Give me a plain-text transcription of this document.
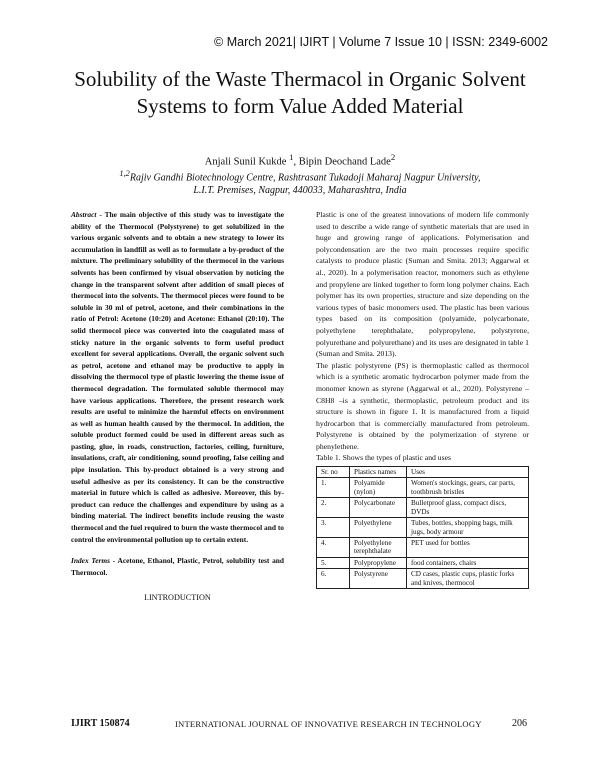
© March 2021| IJIRT | Volume 7 Issue 10 | ISSN: 2349-6002
Solubility of the Waste Thermacol in Organic Solvent
Systems to form Value Added Material
Anjali Sunil Kukde $^1$, Bipin Deochand Lade$^2$
$^{1,2}$Rajiv Gandhi Biotechnology Centre, Rashtrasant Tukadoji Maharaj Nagpur University,
L.I.T. Premises, Nagpur, 440033, Maharashtra, India

Abstract - The main objective of this study was to investigate the ability of the Thermocol (Polystyrene) to get solubilized in the various organic solvents and to obtain a new strategy to lower its accumulation in landfill as well as to formulate a by-product of the mixture. The preliminary solubility of the thermocol in the various solvents has been confirmed by visual observation by noticing the change in the transparent solvent after addition of small pieces of thermocol into the solvents. The thermocol pieces were found to be soluble in 30 ml of petrol, acetone, and their combinations in the ratio of Petrol: Acetone (10:20) and Acetone: Ethanol (20:10). The solid thermocol piece was converted into the coagulated mass of sticky nature in the organic solvents to form useful product excellent for several applications. Overall, the organic solvent such as petrol, acetone and ethanol may be productive to apply in dissolving the thermocol type of plastic lowering the theme issue of thermocol degradation. The formulated soluble thermocol may have various applications. Therefore, the present research work results are useful to minimize the harmful effects on environment as well as human health caused by the thermocol. In addition, the soluble product formed could be used in different areas such as pasting, glue, in roads, construction, factories, ceiling, furniture, insulations, craft, air conditioning, sound proofing, false ceiling and pipe insulation. This by-product obtained is a very strong and useful adhesive as per its consistency. It can be the constructive material in future which is called as adhesive. Moreover, this by-product can reduce the challenges and expenditure by using as a binding material. The indirect benefits include reusing the waste thermocol and the fuel required to burn the waste thermocol and to control the environmental pollution up to certain extent.

Index Terms - Acetone, Ethanol, Plastic, Petrol, solubility test and Thermocol.

I.INTRODUCTION

Plastic is one of the greatest innovations of modern life commonly used to describe a wide range of synthetic materials that are used in huge and growing range of applications. Polymerisation and polycondensation are the two main processes require specific catalysts to produce plastic (Suman and Smita. 2013; Aggarwal et al., 2020). In a polymerisation reactor, monomers such as ethylene and propylene are linked together to form long polymer chains. Each polymer has its own properties, structure and size depending on the various types of basic monomers used. The plastic has been various types based on its composition (polyamide, polycarbonate, polyethylene terephthalate, polypropylene, polystyrene, polyurethane and polyurethane) and its uses are designated in table 1 (Suman and Smita. 2013).

The plastic polystyrene (PS) is thermoplastic called as thermocol which is a synthetic aromatic hydrocarbon polymer made from the monomer known as styrene (Aggarwal et al., 2020). Polystyrene – C8H8 –is a synthetic, thermoplastic, petroleum product and its structure is shown in figure 1. It is manufactured from a liquid hydrocarbon that is commercially manufactured from petroleum. Polystyrene is obtained by the polymerization of styrene or phenylethene.

Table 1. Shows the types of plastic and uses

Sr. no	Plastics names	Uses
1.	Polyamide (nylon)	Women's stockings, gears, car parts, toothbrush bristles
2.	Polycarbonate	Bulletproof glass, compact discs, DVDs
3.	Polyethylene	Tubes, bottles, shopping bags, milk jugs, body armour
4.	Polyethylene terephthalate	PET used for bottles
5.	Polypropylene	food containers, chairs
6.	Polystyrene	CD cases, plastic cups, plastic forks and knives, thermocol
IJIRT 150874	INTERNATIONAL JOURNAL OF INNOVATIVE RESEARCH IN TECHNOLOGY	206
